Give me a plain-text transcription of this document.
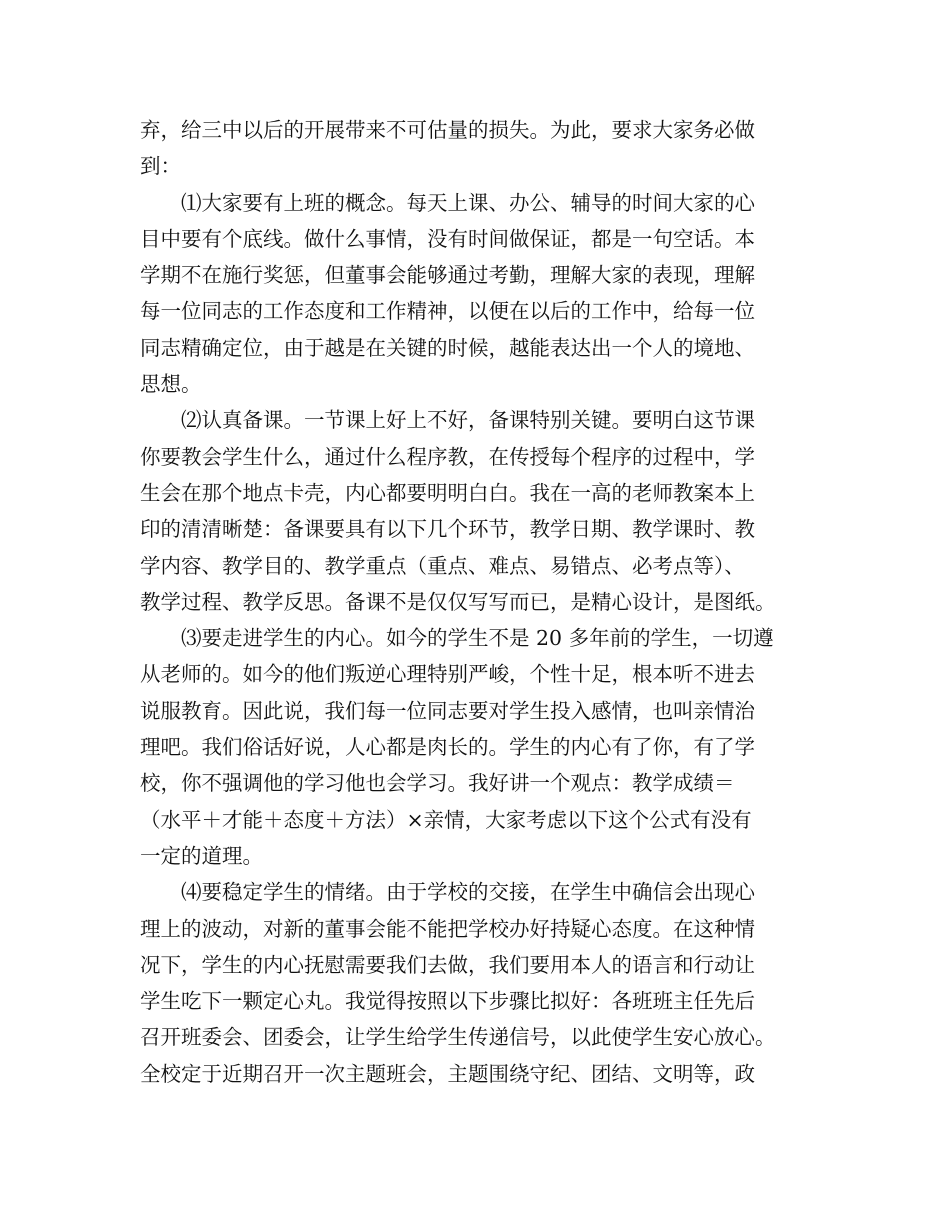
弃，给三中以后的开展带来不可估量的损失。为此，要求大家务必做
到：
⑴大家要有上班的概念。每天上课、办公、辅导的时间大家的心
目中要有个底线。做什么事情，没有时间做保证，都是一句空话。本
学期不在施行奖惩，但董事会能够通过考勤，理解大家的表现，理解
每一位同志的工作态度和工作精神，以便在以后的工作中，给每一位
同志精确定位，由于越是在关键的时候，越能表达出一个人的境地、
思想。
⑵认真备课。一节课上好上不好，备课特别关键。要明白这节课
你要教会学生什么，通过什么程序教，在传授每个程序的过程中，学
生会在那个地点卡壳，内心都要明明白白。我在一高的老师教案本上
印的清清晰楚：备课要具有以下几个环节，教学日期、教学课时、教
学内容、教学目的、教学重点（重点、难点、易错点、必考点等）、
教学过程、教学反思。备课不是仅仅写写而已，是精心设计，是图纸。
⑶要走进学生的内心。如今的学生不是 20 多年前的学生，一切遵
从老师的。如今的他们叛逆心理特别严峻，个性十足，根本听不进去
说服教育。因此说，我们每一位同志要对学生投入感情，也叫亲情治
理吧。我们俗话好说，人心都是肉长的。学生的内心有了你，有了学
校，你不强调他的学习他也会学习。我好讲一个观点：教学成绩＝
（水平＋才能＋态度＋方法）×亲情，大家考虑以下这个公式有没有
一定的道理。
⑷要稳定学生的情绪。由于学校的交接，在学生中确信会出现心
理上的波动，对新的董事会能不能把学校办好持疑心态度。在这种情
况下，学生的内心抚慰需要我们去做，我们要用本人的语言和行动让
学生吃下一颗定心丸。我觉得按照以下步骤比拟好：各班班主任先后
召开班委会、团委会，让学生给学生传递信号，以此使学生安心放心。
全校定于近期召开一次主题班会，主题围绕守纪、团结、文明等，政
